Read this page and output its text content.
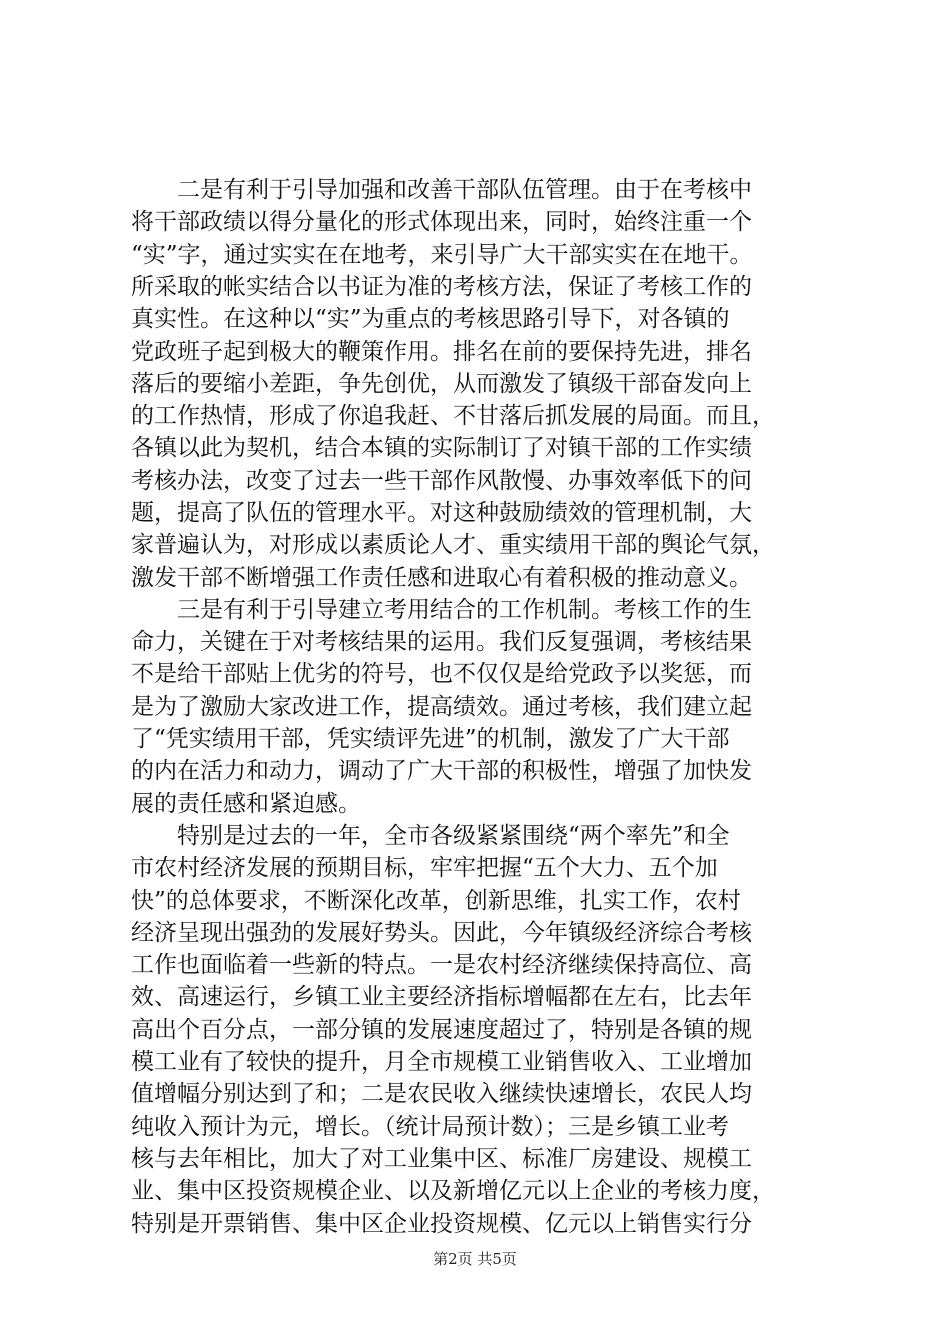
　　二是有利于引导加强和改善干部队伍管理。由于在考核中
将干部政绩以得分量化的形式体现出来，同时，始终注重一个
“实”字，通过实实在在地考，来引导广大干部实实在在地干。
所采取的帐实结合以书证为准的考核方法，保证了考核工作的
真实性。在这种以“实”为重点的考核思路引导下，对各镇的
党政班子起到极大的鞭策作用。排名在前的要保持先进，排名
落后的要缩小差距，争先创优，从而激发了镇级干部奋发向上
的工作热情，形成了你追我赶、不甘落后抓发展的局面。而且，
各镇以此为契机，结合本镇的实际制订了对镇干部的工作实绩
考核办法，改变了过去一些干部作风散慢、办事效率低下的问
题，提高了队伍的管理水平。对这种鼓励绩效的管理机制，大
家普遍认为，对形成以素质论人才、重实绩用干部的舆论气氛，
激发干部不断增强工作责任感和进取心有着积极的推动意义。
　　三是有利于引导建立考用结合的工作机制。考核工作的生
命力，关键在于对考核结果的运用。我们反复强调，考核结果
不是给干部贴上优劣的符号，也不仅仅是给党政予以奖惩，而
是为了激励大家改进工作，提高绩效。通过考核，我们建立起
了“凭实绩用干部，凭实绩评先进”的机制，激发了广大干部
的内在活力和动力，调动了广大干部的积极性，增强了加快发
展的责任感和紧迫感。
　　特别是过去的一年，全市各级紧紧围绕“两个率先”和全
市农村经济发展的预期目标，牢牢把握“五个大力、五个加
快”的总体要求，不断深化改革，创新思维，扎实工作，农村
经济呈现出强劲的发展好势头。因此，今年镇级经济综合考核
工作也面临着一些新的特点。一是农村经济继续保持高位、高
效、高速运行，乡镇工业主要经济指标增幅都在左右，比去年
高出个百分点，一部分镇的发展速度超过了，特别是各镇的规
模工业有了较快的提升，月全市规模工业销售收入、工业增加
值增幅分别达到了和；二是农民收入继续快速增长，农民人均
纯收入预计为元，增长。（统计局预计数）；三是乡镇工业考
核与去年相比，加大了对工业集中区、标准厂房建设、规模工
业、集中区投资规模企业、以及新增亿元以上企业的考核力度，
特别是开票销售、集中区企业投资规模、亿元以上销售实行分
第2页 共5页
